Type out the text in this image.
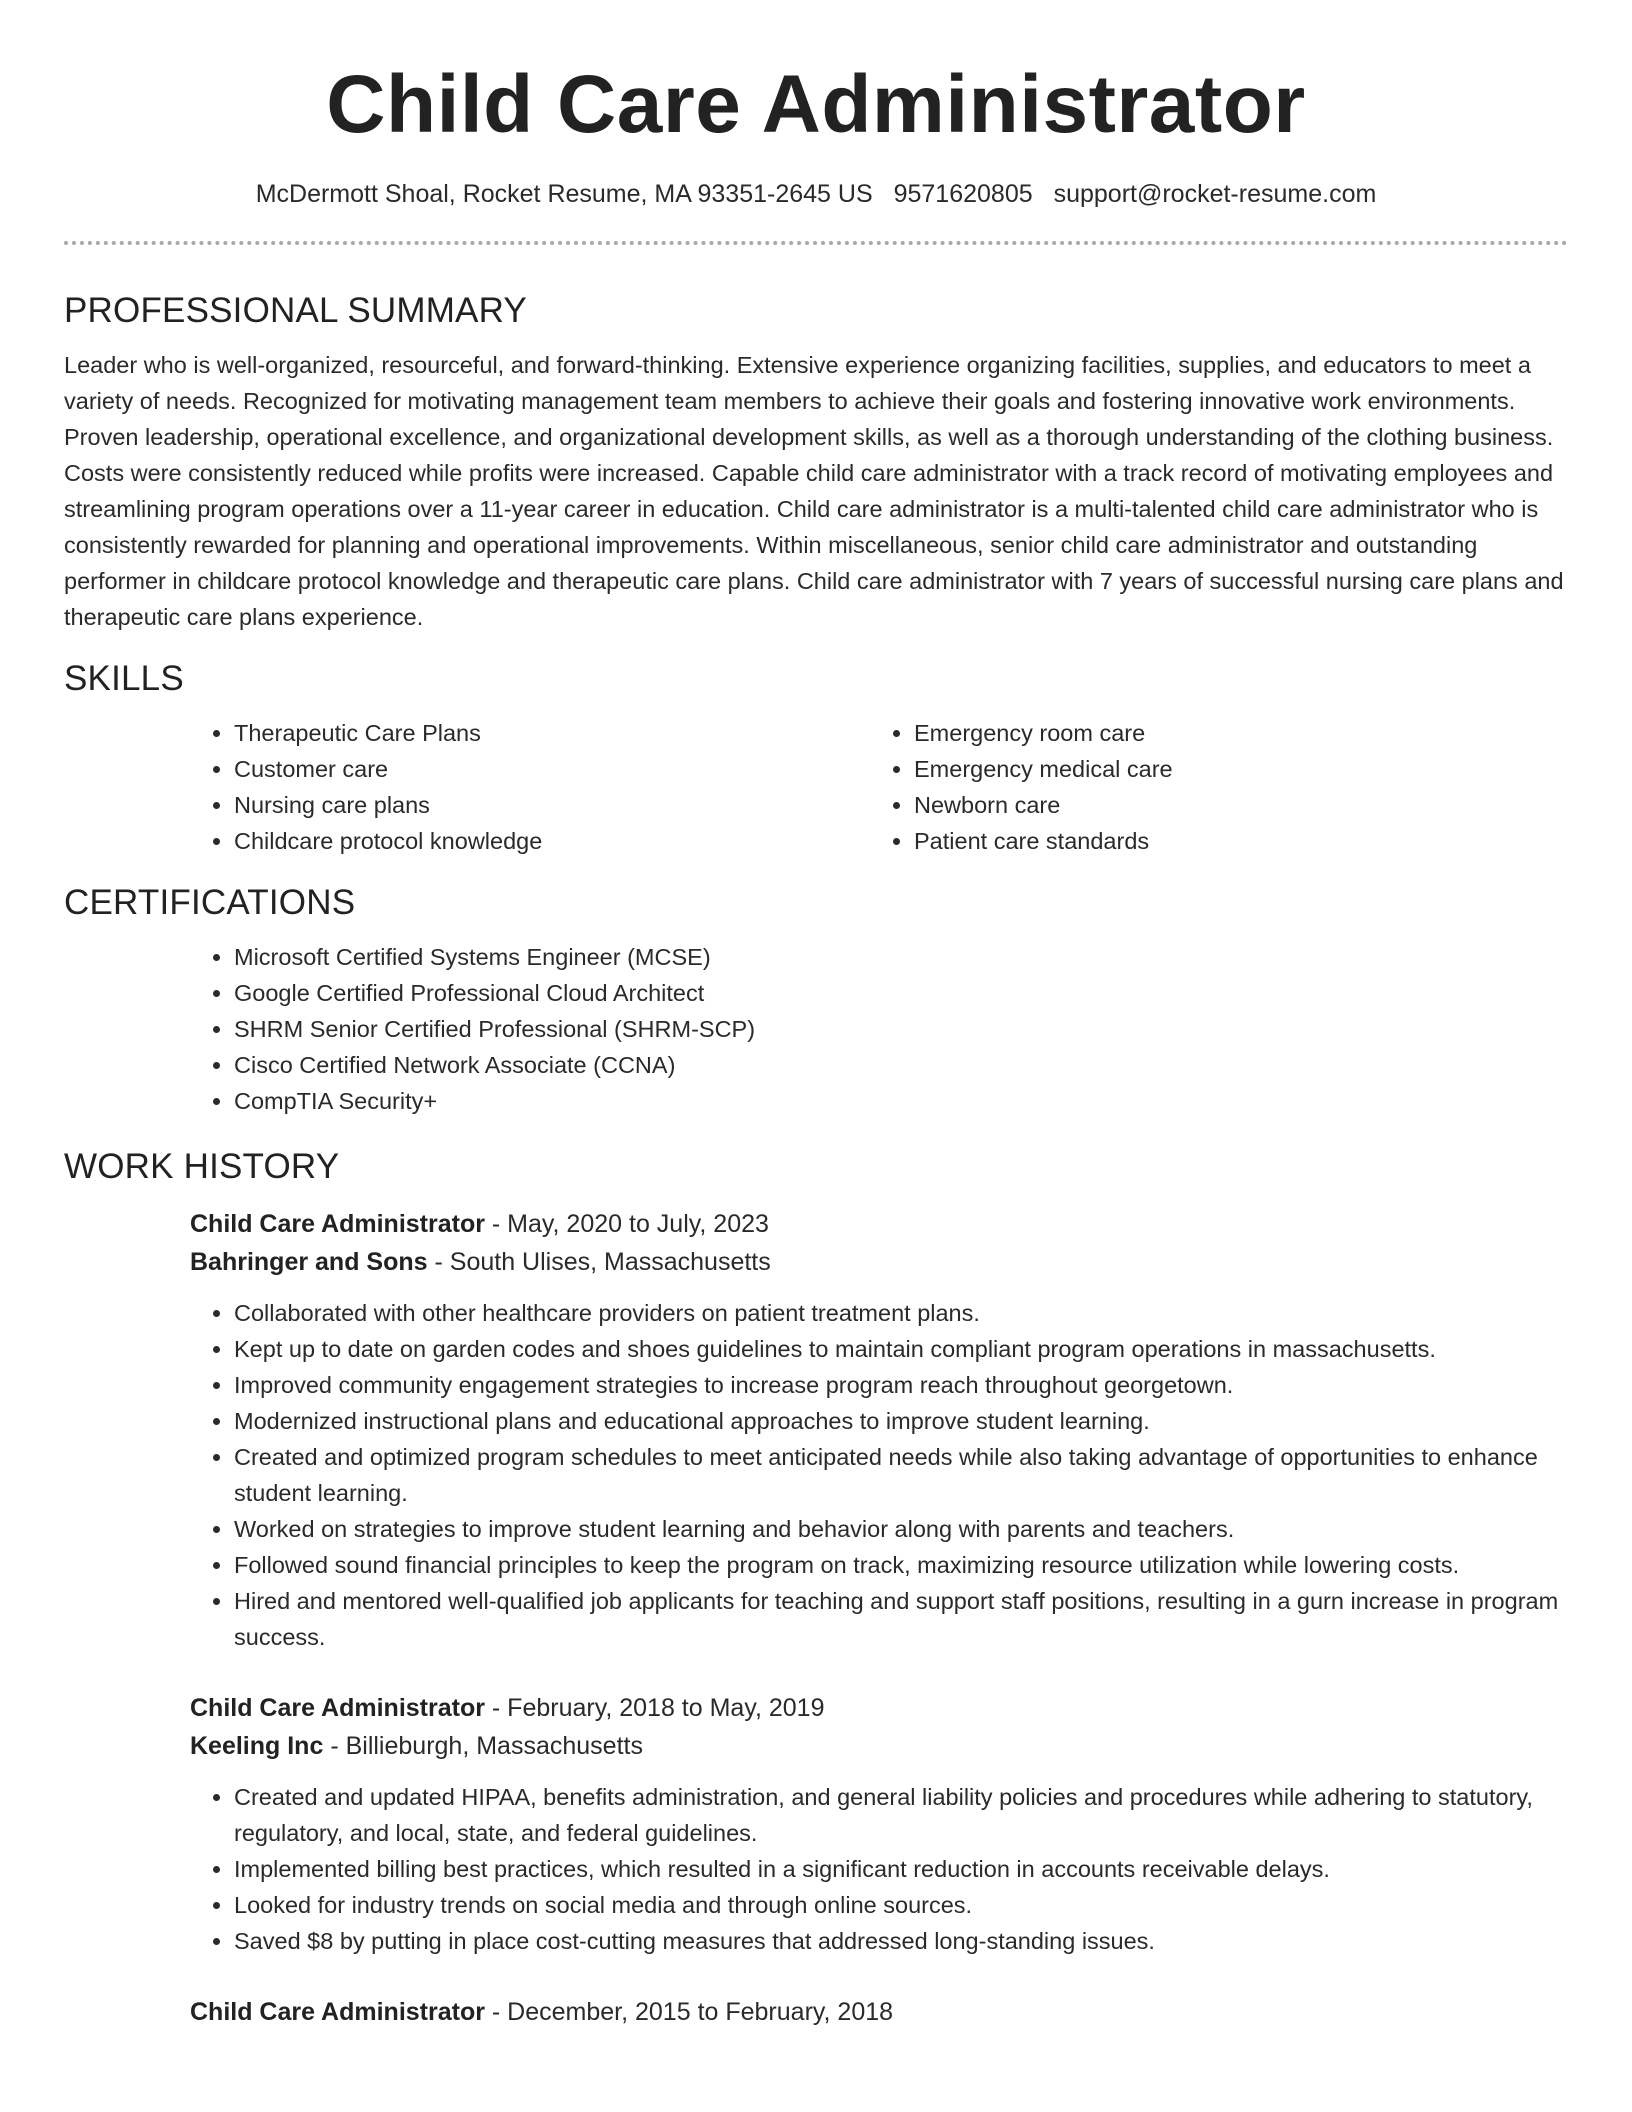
Child Care Administrator
McDermott Shoal, Rocket Resume, MA 93351-2645 US 9571620805 support@rocket-resume.com
PROFESSIONAL SUMMARY

Leader who is well-organized, resourceful, and forward-thinking. Extensive experience organizing facilities, supplies, and educators to meet a variety of needs. Recognized for motivating management team members to achieve their goals and fostering innovative work environments. Proven leadership, operational excellence, and organizational development skills, as well as a thorough understanding of the clothing business. Costs were consistently reduced while profits were increased. Capable child care administrator with a track record of motivating employees and streamlining program operations over a 11-year career in education. Child care administrator is a multi-talented child care administrator who is consistently rewarded for planning and operational improvements. Within miscellaneous, senior child care administrator and outstanding performer in childcare protocol knowledge and therapeutic care plans. Child care administrator with 7 years of successful nursing care plans and therapeutic care plans experience.

SKILLS
• Therapeutic Care Plans
• Customer care
• Nursing care plans
• Childcare protocol knowledge
• Emergency room care
• Emergency medical care
• Newborn care
• Patient care standards
CERTIFICATIONS
• Microsoft Certified Systems Engineer (MCSE)
• Google Certified Professional Cloud Architect
• SHRM Senior Certified Professional (SHRM-SCP)
• Cisco Certified Network Associate (CCNA)
• CompTIA Security+
WORK HISTORY
Child Care Administrator - May, 2020 to July, 2023
Bahringer and Sons - South Ulises, Massachusetts
• Collaborated with other healthcare providers on patient treatment plans.
• Kept up to date on garden codes and shoes guidelines to maintain compliant program operations in massachusetts.
• Improved community engagement strategies to increase program reach throughout georgetown.
• Modernized instructional plans and educational approaches to improve student learning.
• Created and optimized program schedules to meet anticipated needs while also taking advantage of opportunities to enhance student learning.
• Worked on strategies to improve student learning and behavior along with parents and teachers.
• Followed sound financial principles to keep the program on track, maximizing resource utilization while lowering costs.
• Hired and mentored well-qualified job applicants for teaching and support staff positions, resulting in a gurn increase in program success.
Child Care Administrator - February, 2018 to May, 2019
Keeling Inc - Billieburgh, Massachusetts
• Created and updated HIPAA, benefits administration, and general liability policies and procedures while adhering to statutory, regulatory, and local, state, and federal guidelines.
• Implemented billing best practices, which resulted in a significant reduction in accounts receivable delays.
• Looked for industry trends on social media and through online sources.
• Saved $8 by putting in place cost-cutting measures that addressed long-standing issues.
Child Care Administrator - December, 2015 to February, 2018
